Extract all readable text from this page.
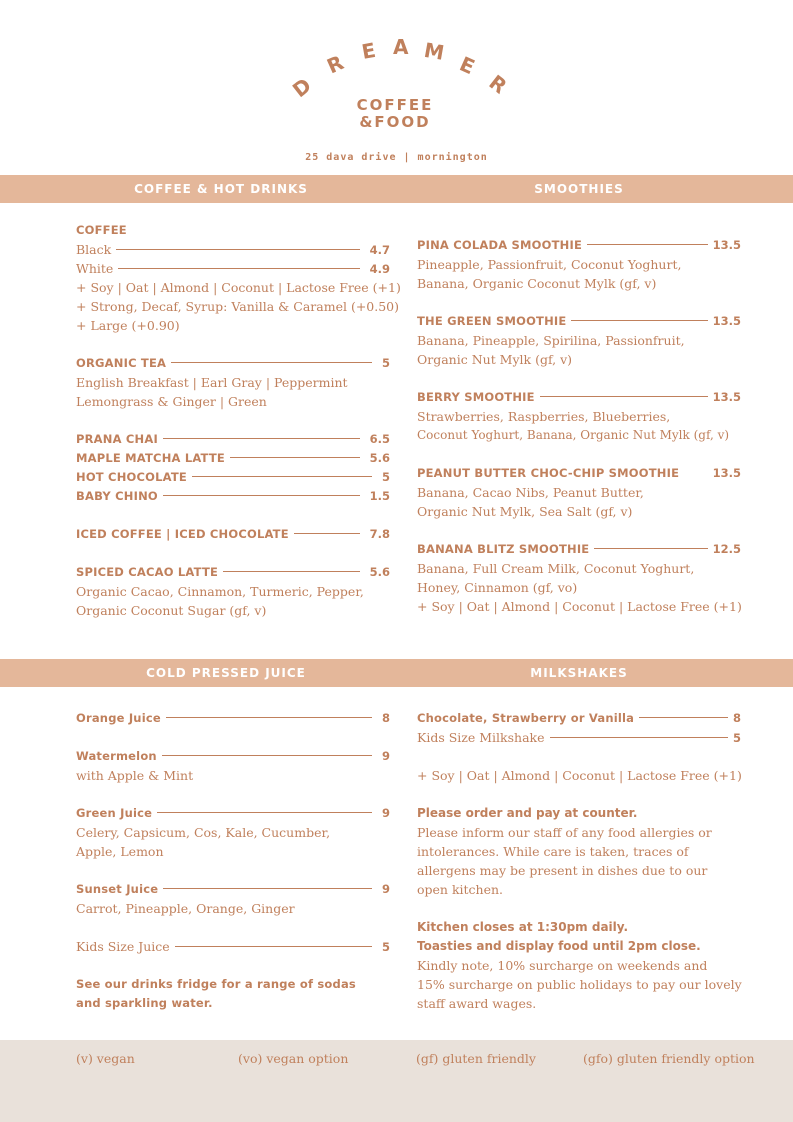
D
R E A M
E
R
COFFEE
&FOOD
25 dava drive | mornington
COFFEE & HOT DRINKS	SMOOTHIES
COFFEE
Black	4.7
White	4.9
+ Soy | Oat | Almond | Coconut | Lactose Free (+1)
+ Strong, Decaf, Syrup: Vanilla & Caramel (+0.50)
+ Large (+0.90)
ORGANIC TEA	5
English Breakfast | Earl Gray | Peppermint
Lemongrass & Ginger | Green
PRANA CHAI	6.5
MAPLE MATCHA LATTE	5.6
HOT CHOCOLATE	5
BABY CHINO	1.5
ICED COFFEE | ICED CHOCOLATE	7.8
SPICED CACAO LATTE	5.6
Organic Cacao, Cinnamon, Turmeric, Pepper,
Organic Coconut Sugar (gf, v)
PINA COLADA SMOOTHIE	13.5
Pineapple, Passionfruit, Coconut Yoghurt,
Banana, Organic Coconut Mylk (gf, v)
THE GREEN SMOOTHIE	13.5
Banana, Pineapple, Spirilina, Passionfruit,
Organic Nut Mylk (gf, v)
BERRY SMOOTHIE	13.5
Strawberries, Raspberries, Blueberries,
Coconut Yoghurt, Banana, Organic Nut Mylk (gf, v)
PEANUT BUTTER CHOC-CHIP SMOOTHIE	13.5
Banana, Cacao Nibs, Peanut Butter,
Organic Nut Mylk, Sea Salt (gf, v)
BANANA BLITZ SMOOTHIE	12.5
Banana, Full Cream Milk, Coconut Yoghurt,
Honey, Cinnamon (gf, vo)
+ Soy | Oat | Almond | Coconut | Lactose Free (+1)
COLD PRESSED JUICE	MILKSHAKES
Orange Juice	8
Watermelon	9
with Apple & Mint
Green Juice	9
Celery, Capsicum, Cos, Kale, Cucumber,
Apple, Lemon
Sunset Juice	9
Carrot, Pineapple, Orange, Ginger
Kids Size Juice	5
See our drinks fridge for a range of sodas
and sparkling water.
Chocolate, Strawberry or Vanilla	8
Kids Size Milkshake	5
+ Soy | Oat | Almond | Coconut | Lactose Free (+1)
Please order and pay at counter.
Please inform our staff of any food allergies or
intolerances. While care is taken, traces of
allergens may be present in dishes due to our
open kitchen.
Kitchen closes at 1:30pm daily.
Toasties and display food until 2pm close.
Kindly note, 10% surcharge on weekends and
15% surcharge on public holidays to pay our lovely
staff award wages.
(v) vegan	(vo) vegan option	(gf) gluten friendly	(gfo) gluten friendly option
